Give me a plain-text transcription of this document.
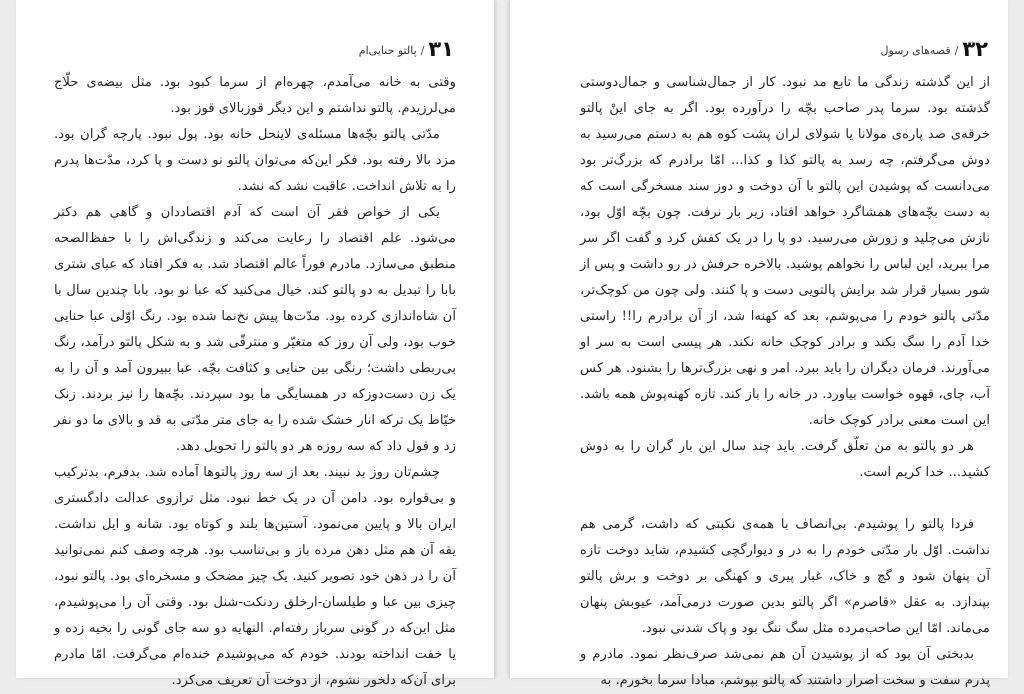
۳۱
/
پالتو حنایی‌ام

وقتی به خانه می‌آمدم، چهره‌ام از سرما کبود بود. مثل بیضه‌ی حلّاج می‌لرزیدم. پالتو نداشتم و این دیگر قوزبالای قوز بود.

مدّتی پالتو بچّه‌ها مسئله‌ی لاینحل خانه بود. پول نبود. پارچه گران بود. مزد بالا رفته بود. فکر این‌که می‌توان پالتو نو دست و پا کرد، مدّت‌ها پدرم را به تلاش انداخت. عاقبت نشد که نشد.

یکی از خواص فقر آن است که آدم اقتصاددان و گاهی هم دکتر می‌شود. علم اقتصاد را رعایت می‌کند و زندگی‌اش را با حفظ‌الصحه منطبق می‌سازد. مادرم فوراً عالم اقتصاد شد. به فکر افتاد که عبای شتری بابا را تبدیل به دو پالتو کند. خیال می‌کنید که عبا نو بود. بابا چندین سال با آن شاه‌اندازی کرده بود. مدّت‌ها پیش نخ‌نما شده بود. رنگ اوّلی عبا حنایی خوب بود، ولی آن روز که متغیّر و منترقّی شد و به شکل پالتو درآمد، رنگ بی‌ربطی داشت؛ رنگی بین حنایی و کثافت بچّه. عبا ببیرون آمد و آن را به یک زن دست‌دوزکه در همسایگی ما بود سپردند. بچّه‌ها را نیز بردند. زنک خیّاط یک ترکه انار خشک شده را به جای متر مدّتی به قد و بالای ما دو نفر زد و قول داد که سه روزه هر دو پالتو را تحویل دهد.

چشم‌تان روز بد نبیند. بعد از سه روز پالتوها آماده شد. بدفرم، بدترکیب و بی‌قواره بود. دامن آن در یک خط نبود. مثل ترازوی عدالت دادگستری ایران بالا و پایین می‌نمود. آستین‌ها بلند و کوتاه بود. شانه و ایل نداشت. یقه آن هم مثل دهن مرده باز و بی‌تناسب بود. هرچه وصف کنم نمی‌توانید آن را در ذهن خود تصویر کنید. یک چیز مضحک و مسخره‌ای بود. پالتو نبود، چیزی بین عبا و طیلسان-ارخلق ردنکت-شنل بود. وقتی آن را می‌پوشیدم، مثل این‌که در گونی سرباز رفته‌ام. النهایه دو سه جای گونی را بخیه زده و یا خفت انداخته بودند. خودم که می‌پوشیدم خنده‌ام می‌گرفت. امّا مادرم برای آن‌که دلخور نشوم، از دوخت آن تعریف می‌کرد.

۳۲
/
قصه‌های رسول

از این گذشته زندگی ما تابع مد نبود. کار از جمال‌شناسی و جمال‌دوستی گذشته بود. سرما پدر صاحب بچّه را درآورده بود. اگر به جای اینْ پالتو خرقه‌ی صد پاره‌ی مولانا یا شولای لران پشت کوه هم به دستم می‌رسید به دوش می‌گرفتم، چه رسد به پالتو کذا و کذا... امّا برادرم که بزرگ‌تر بود می‌دانست که پوشیدن این پالتو با آن دوخت و دوز سند مسخرگی است که به دست بچّه‌های همشاگرد خواهد افتاد، زیر بار نرفت. چون بچّه اوّل بود، نازش می‌چلید و زورش می‌رسید. دو پا را در یک کفش کرد و گفت اگر سر مرا ببرید، این لباس را نخواهم پوشید. بالاخره حرفش در رو داشت و پس از شور بسیار قرار شد برایش پالتویی دست و پا کنند. ولی چون من کوچک‌تر، مدّتی پالتو خودم را می‌پوشم، بعد که کهنه‌ا شد، از آن برادرم را!! راستی خدا آدم را سگ بکند و برادر کوچک خانه نکند. هر پیسی است به سر او می‌آورند. فرمان دیگران را باید ببرد. امر و نهی بزرگ‌ترها را بشنود. هر کس آب، چای، قهوه خواست بیاورد. در خانه را باز کند. تازه کهنه‌پوش همه باشد. این است معنی برادر کوچک خانه.

هر دو پالتو به من تعلّق گرفت. باید چند سال این بار گران را به دوش کشید... خدا کریم است.

فردا پالتو را پوشیدم. بی‌انصاف با همه‌ی نکبتی که داشت، گرمی هم نداشت. اوّل بار مدّتی خودم را به در و دیوارگچی کشیدم، شاید دوخت تازه آن پنهان شود و گچ و خاک، غبار پیری و کهنگی بر دوخت و برش پالتو بپندازد. به عقل «قاصرم» اگر پالتو بدین صورت درمی‌آمد، عیوبش پنهان می‌ماند. امّا این صاحب‌مرده مثل سگ ننگ بود و پاک شدنی نبود.

بدبختی آن بود که از پوشیدن آن هم نمی‌شد صرف‌نظر نمود. مادرم و پدرم سفت و سخت اصرار داشتند که پالتو بپوشم، مبادا سرما بخورم. به
